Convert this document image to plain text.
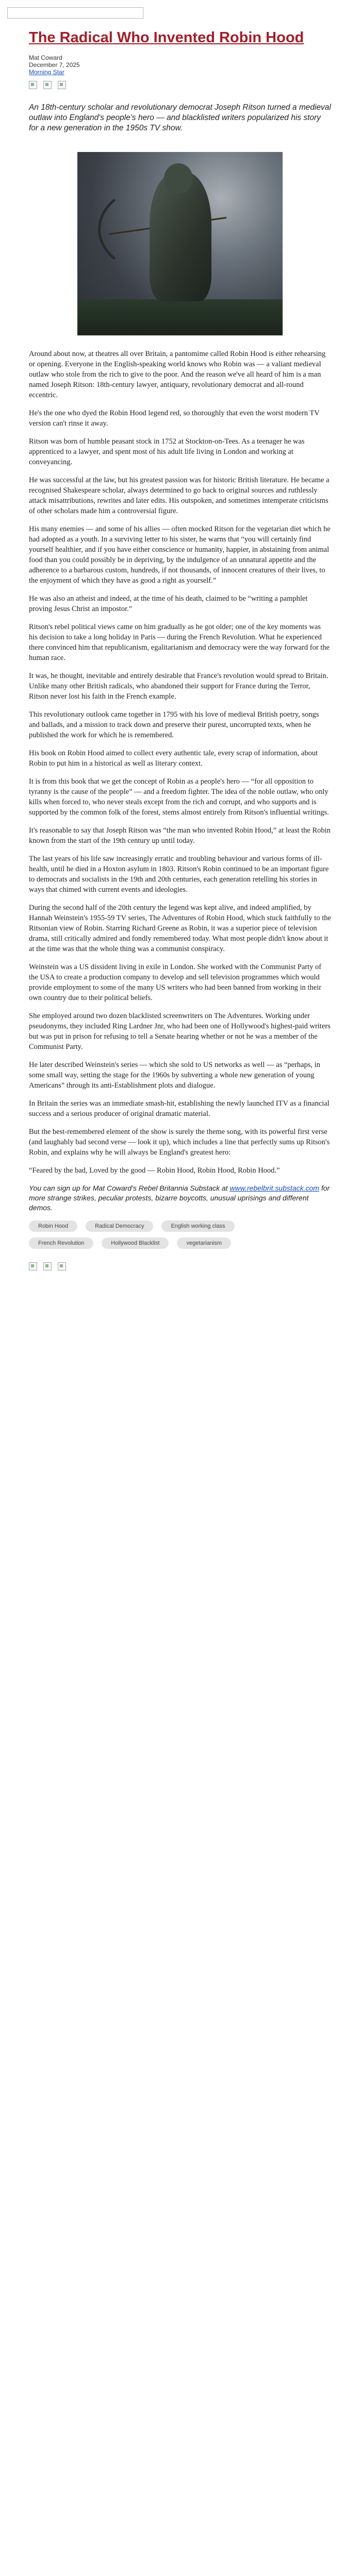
The Radical Who Invented Robin Hood
Mat Coward
December 7, 2025
Morning Star
An 18th-century scholar and revolutionary democrat Joseph Ritson turned a medieval outlaw into England's people's hero — and blacklisted writers popularized his story for a new generation in the 1950s TV show.

Around about now, at theatres all over Britain, a pantomime called Robin Hood is either rehearsing or opening. Everyone in the English-speaking world knows who Robin was — a valiant medieval outlaw who stole from the rich to give to the poor. And the reason we've all heard of him is a man named Joseph Ritson: 18th-century lawyer, antiquary, revolutionary democrat and all-round eccentric.

He's the one who dyed the Robin Hood legend red, so thoroughly that even the worst modern TV version can't rinse it away.

Ritson was born of humble peasant stock in 1752 at Stockton-on-Tees. As a teenager he was apprenticed to a lawyer, and spent most of his adult life living in London and working at conveyancing.

He was successful at the law, but his greatest passion was for historic British literature. He became a recognised Shakespeare scholar, always determined to go back to original sources and ruthlessly attack misattributions, rewrites and later edits. His outspoken, and sometimes intemperate criticisms of other scholars made him a controversial figure.

His many enemies — and some of his allies — often mocked Ritson for the vegetarian diet which he had adopted as a youth. In a surviving letter to his sister, he warns that “you will certainly find yourself healthier, and if you have either conscience or humanity, happier, in abstaining from animal food than you could possibly be in depriving, by the indulgence of an unnatural appetite and the adherence to a barbarous custom, hundreds, if not thousands, of innocent creatures of their lives, to the enjoyment of which they have as good a right as yourself.”

He was also an atheist and indeed, at the time of his death, claimed to be “writing a pamphlet proving Jesus Christ an impostor.”

Ritson's rebel political views came on him gradually as he got older; one of the key moments was his decision to take a long holiday in Paris — during the French Revolution. What he experienced there convinced him that republicanism, egalitarianism and democracy were the way forward for the human race.

It was, he thought, inevitable and entirely desirable that France's revolution would spread to Britain. Unlike many other British radicals, who abandoned their support for France during the Terror, Ritson never lost his faith in the French example.

This revolutionary outlook came together in 1795 with his love of medieval British poetry, songs and ballads, and a mission to track down and preserve their purest, uncorrupted texts, when he published the work for which he is remembered.

His book on Robin Hood aimed to collect every authentic tale, every scrap of information, about Robin to put him in a historical as well as literary context.

It is from this book that we get the concept of Robin as a people's hero — “for all opposition to tyranny is the cause of the people” — and a freedom fighter. The idea of the noble outlaw, who only kills when forced to, who never steals except from the rich and corrupt, and who supports and is supported by the common folk of the forest, stems almost entirely from Ritson's influential writings.

It's reasonable to say that Joseph Ritson was “the man who invented Robin Hood,” at least the Robin known from the start of the 19th century up until today.

The last years of his life saw increasingly erratic and troubling behaviour and various forms of ill-health, until he died in a Hoxton asylum in 1803. Ritson's Robin continued to be an important figure to democrats and socialists in the 19th and 20th centuries, each generation retelling his stories in ways that chimed with current events and ideologies.

During the second half of the 20th century the legend was kept alive, and indeed amplified, by Hannah Weinstein's 1955-59 TV series, The Adventures of Robin Hood, which stuck faithfully to the Ritsonian view of Robin. Starring Richard Greene as Robin, it was a superior piece of television drama, still critically admired and fondly remembered today. What most people didn't know about it at the time was that the whole thing was a communist conspiracy.

Weinstein was a US dissident living in exile in London. She worked with the Communist Party of the USA to create a production company to develop and sell television programmes which would provide employment to some of the many US writers who had been banned from working in their own country due to their political beliefs.

She employed around two dozen blacklisted screenwriters on The Adventures. Working under pseudonyms, they included Ring Lardner Jnr, who had been one of Hollywood's highest-paid writers but was put in prison for refusing to tell a Senate hearing whether or not he was a member of the Communist Party.

He later described Weinstein's series — which she sold to US networks as well — as “perhaps, in some small way, setting the stage for the 1960s by subverting a whole new generation of young Americans” through its anti-Establishment plots and dialogue.

In Britain the series was an immediate smash-hit, establishing the newly launched ITV as a financial success and a serious producer of original dramatic material.

But the best-remembered element of the show is surely the theme song, with its powerful first verse (and laughably bad second verse — look it up), which includes a line that perfectly sums up Ritson's Robin, and explains why he will always be England's greatest hero:

“Feared by the bad, Loved by the good — Robin Hood, Robin Hood, Robin Hood.”

You can sign up for Mat Coward's Rebel Britannia Substack at www.rebelbrit.substack.com for more strange strikes, peculiar protests, bizarre boycotts, unusual uprisings and different demos.

Robin Hood	Radical Democracy	English working class
French Revolution	Hollywood Blacklist	vegetarianism
